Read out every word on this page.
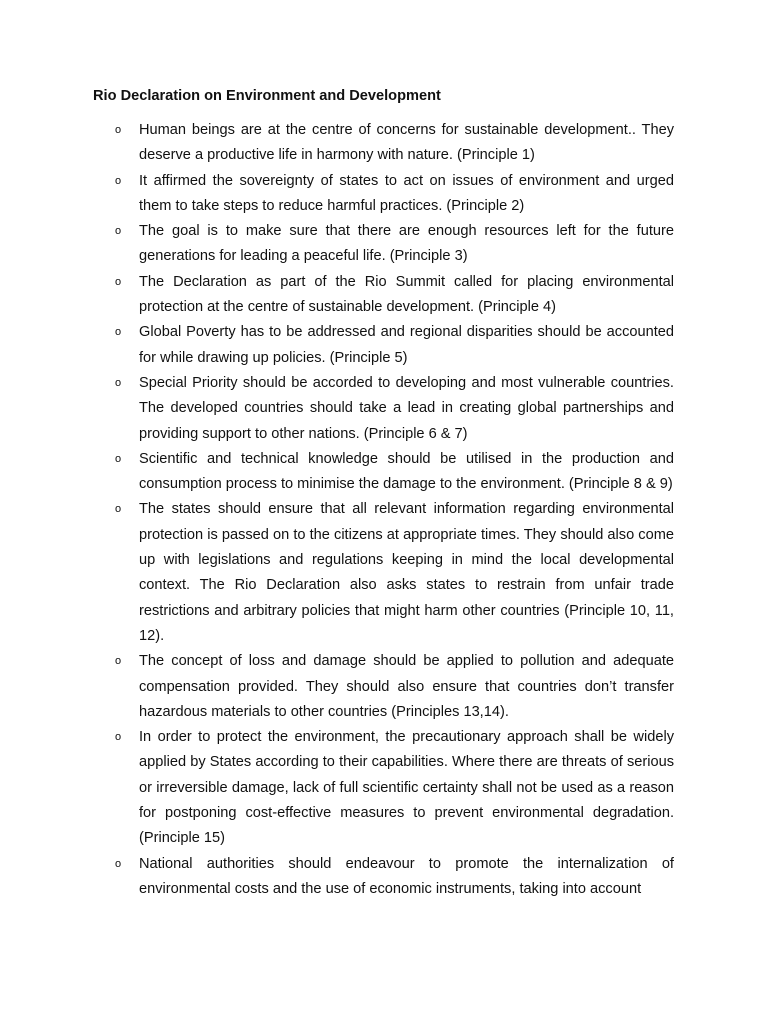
Rio Declaration on Environment and Development
o	Human beings are at the centre of concerns for sustainable development.. They deserve a productive life in harmony with nature. (Principle 1)
o	It affirmed the sovereignty of states to act on issues of environment and urged them to take steps to reduce harmful practices. (Principle 2)
o	The goal is to make sure that there are enough resources left for the future generations for leading a peaceful life. (Principle 3)
o	The Declaration as part of the Rio Summit called for placing environmental protection at the centre of sustainable development. (Principle 4)
o	Global Poverty has to be addressed and regional disparities should be accounted for while drawing up policies. (Principle 5)
o	Special Priority should be accorded to developing and most vulnerable countries. The developed countries should take a lead in creating global partnerships and providing support to other nations. (Principle 6 & 7)
o	Scientific and technical knowledge should be utilised in the production and consumption process to minimise the damage to the environment. (Principle 8 & 9)
o	The states should ensure that all relevant information regarding environmental protection is passed on to the citizens at appropriate times. They should also come up with legislations and regulations keeping in mind the local developmental context. The Rio Declaration also asks states to restrain from unfair trade restrictions and arbitrary policies that might harm other countries (Principle 10, 11, 12).
o	The concept of loss and damage should be applied to pollution and adequate compensation provided. They should also ensure that countries don’t transfer hazardous materials to other countries (Principles 13,14).
o	In order to protect the environment, the precautionary approach shall be widely applied by States according to their capabilities. Where there are threats of serious or irreversible damage, lack of full scientific certainty shall not be used as a reason for postponing cost-effective measures to prevent environmental degradation. (Principle 15)
o	National authorities should endeavour to promote the internalization of environmental costs and the use of economic instruments, taking into account
